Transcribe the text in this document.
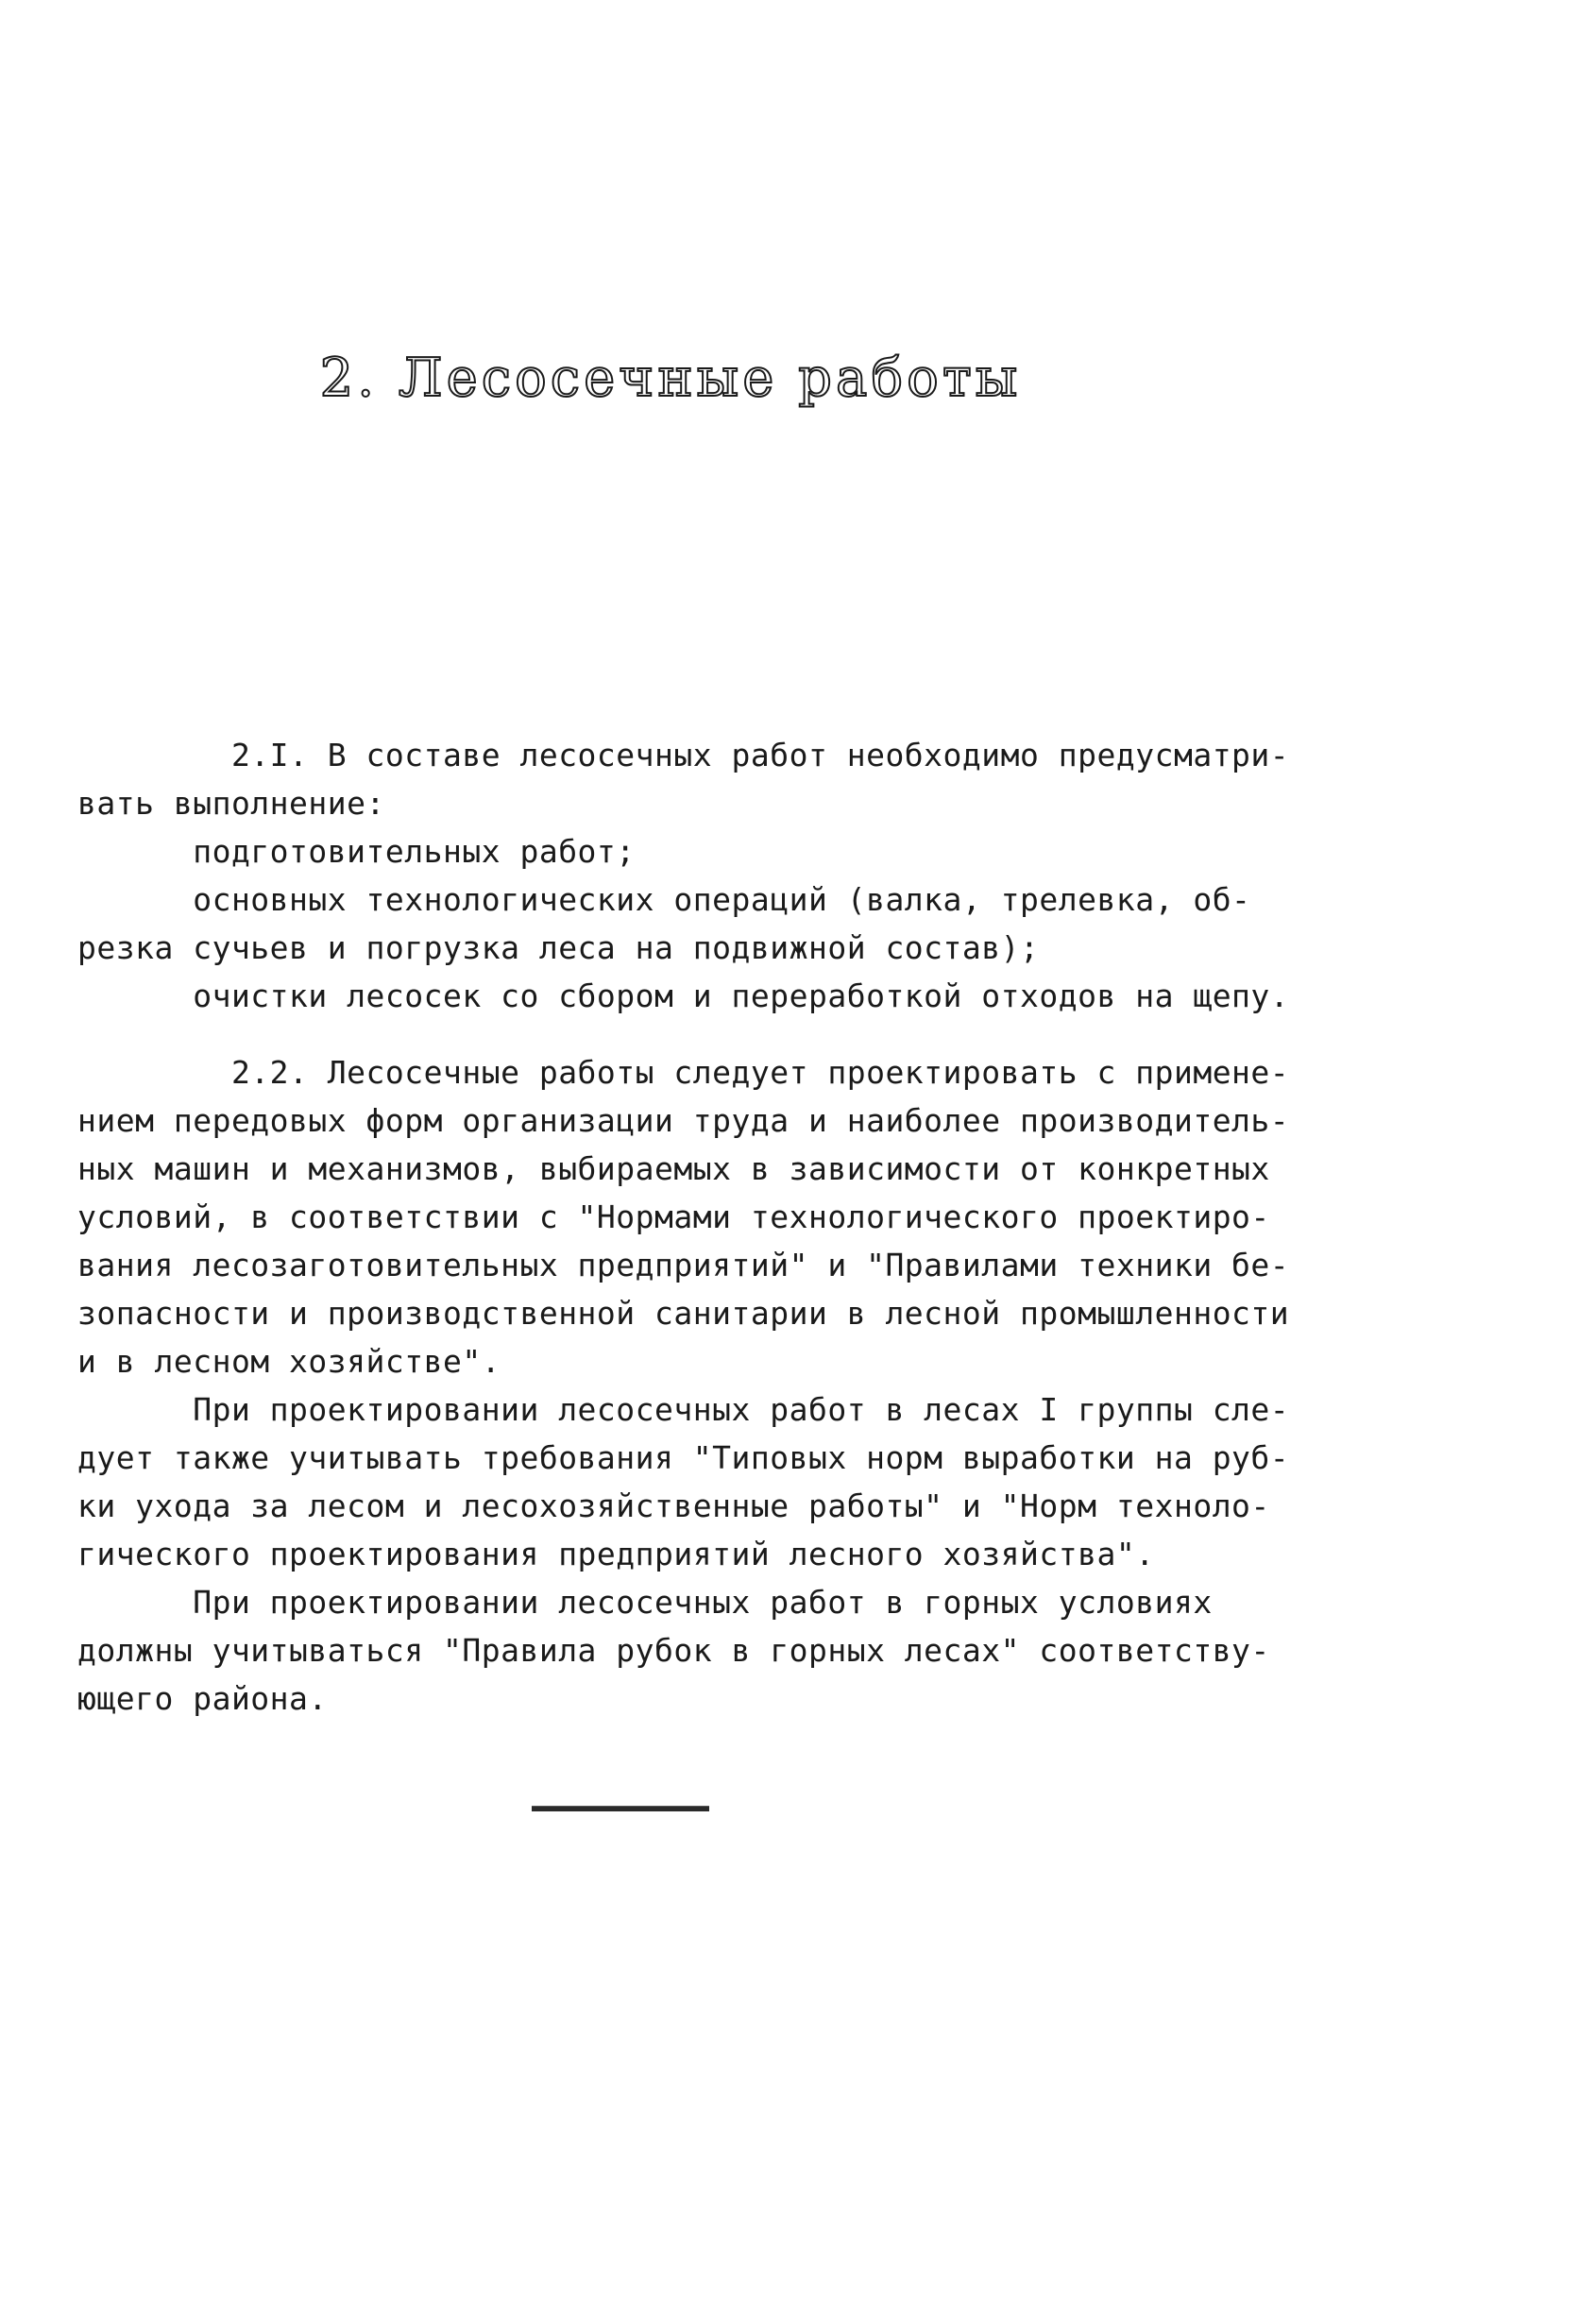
2. Лесосечные работы
2.I. В составе лесосечных работ необходимо предусматри-
вать выполнение:
подготовительных работ;
основных технологических операций (валка, трелевка, об-
резка сучьев и погрузка леса на подвижной состав);
очистки лесосек со сбором и переработкой отходов на щепу.
2.2. Лесосечные работы следует проектировать с примене-
нием передовых форм организации труда и наиболее производитель-
ных машин и механизмов, выбираемых в зависимости от конкретных
условий, в соответствии с "Нормами технологического проектиро-
вания лесозаготовительных предприятий" и "Правилами техники бе-
зопасности и производственной санитарии в лесной промышленности
и в лесном хозяйстве".
При проектировании лесосечных работ в лесах I группы сле-
дует также учитывать требования "Типовых норм выработки на руб-
ки ухода за лесом и лесохозяйственные работы" и "Норм техноло-
гического проектирования предприятий лесного хозяйства".
При проектировании лесосечных работ в горных условиях
должны учитываться "Правила рубок в горных лесах" соответству-
ющего района.
